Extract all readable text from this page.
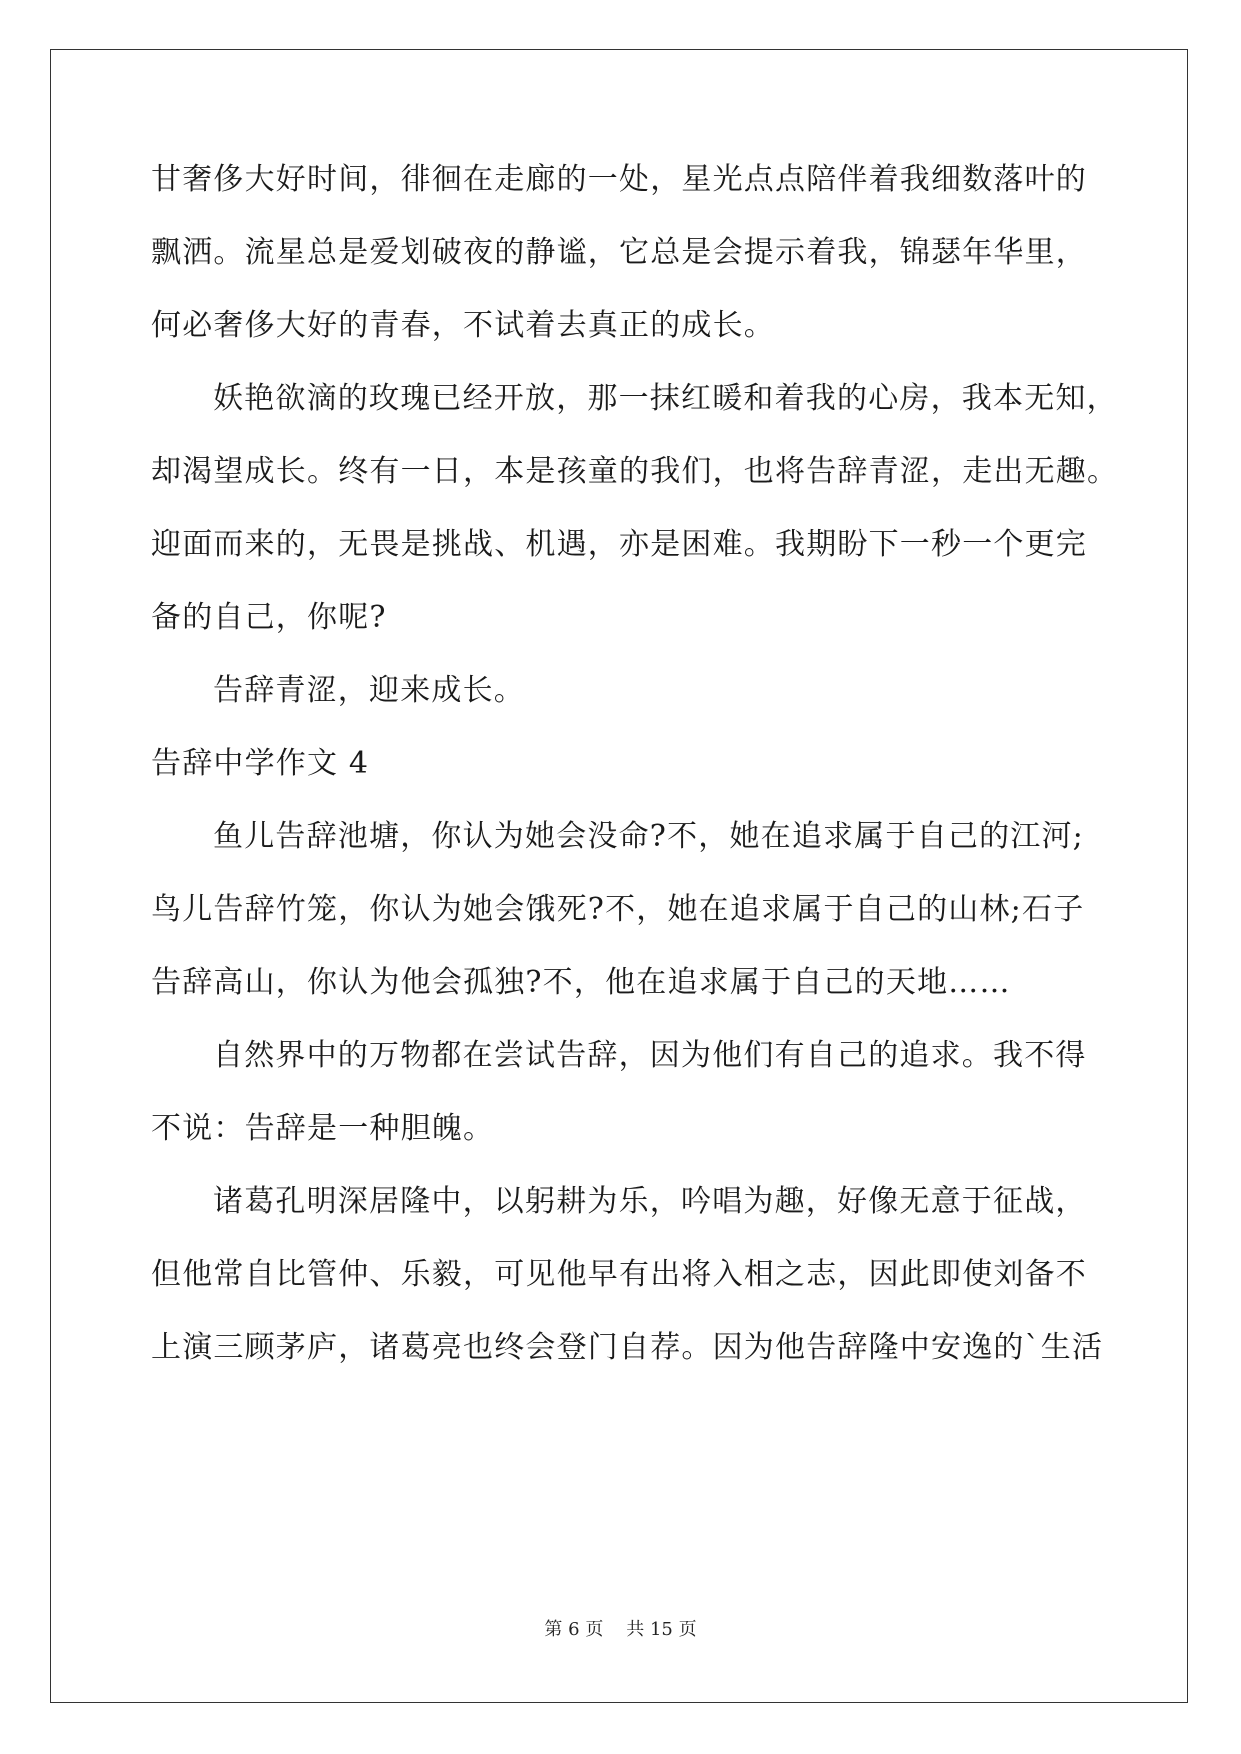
甘奢侈大好时间，徘徊在走廊的一处，星光点点陪伴着我细数落叶的
飘洒。流星总是爱划破夜的静谧，它总是会提示着我，锦瑟年华里，
何必奢侈大好的青春，不试着去真正的成长。
妖艳欲滴的玫瑰已经开放，那一抹红暖和着我的心房，我本无知，
却渴望成长。终有一日，本是孩童的我们，也将告辞青涩，走出无趣。
迎面而来的，无畏是挑战、机遇，亦是困难。我期盼下一秒一个更完
备的自己，你呢?
告辞青涩，迎来成长。
告辞中学作文 4
鱼儿告辞池塘，你认为她会没命?不，她在追求属于自己的江河;
鸟儿告辞竹笼，你认为她会饿死?不，她在追求属于自己的山林;石子
告辞高山，你认为他会孤独?不，他在追求属于自己的天地……
自然界中的万物都在尝试告辞，因为他们有自己的追求。我不得
不说：告辞是一种胆魄。
诸葛孔明深居隆中，以躬耕为乐，吟唱为趣，好像无意于征战，
但他常自比管仲、乐毅，可见他早有出将入相之志，因此即使刘备不
上演三顾茅庐，诸葛亮也终会登门自荐。因为他告辞隆中安逸的`生活
第 6 页 共 15 页
